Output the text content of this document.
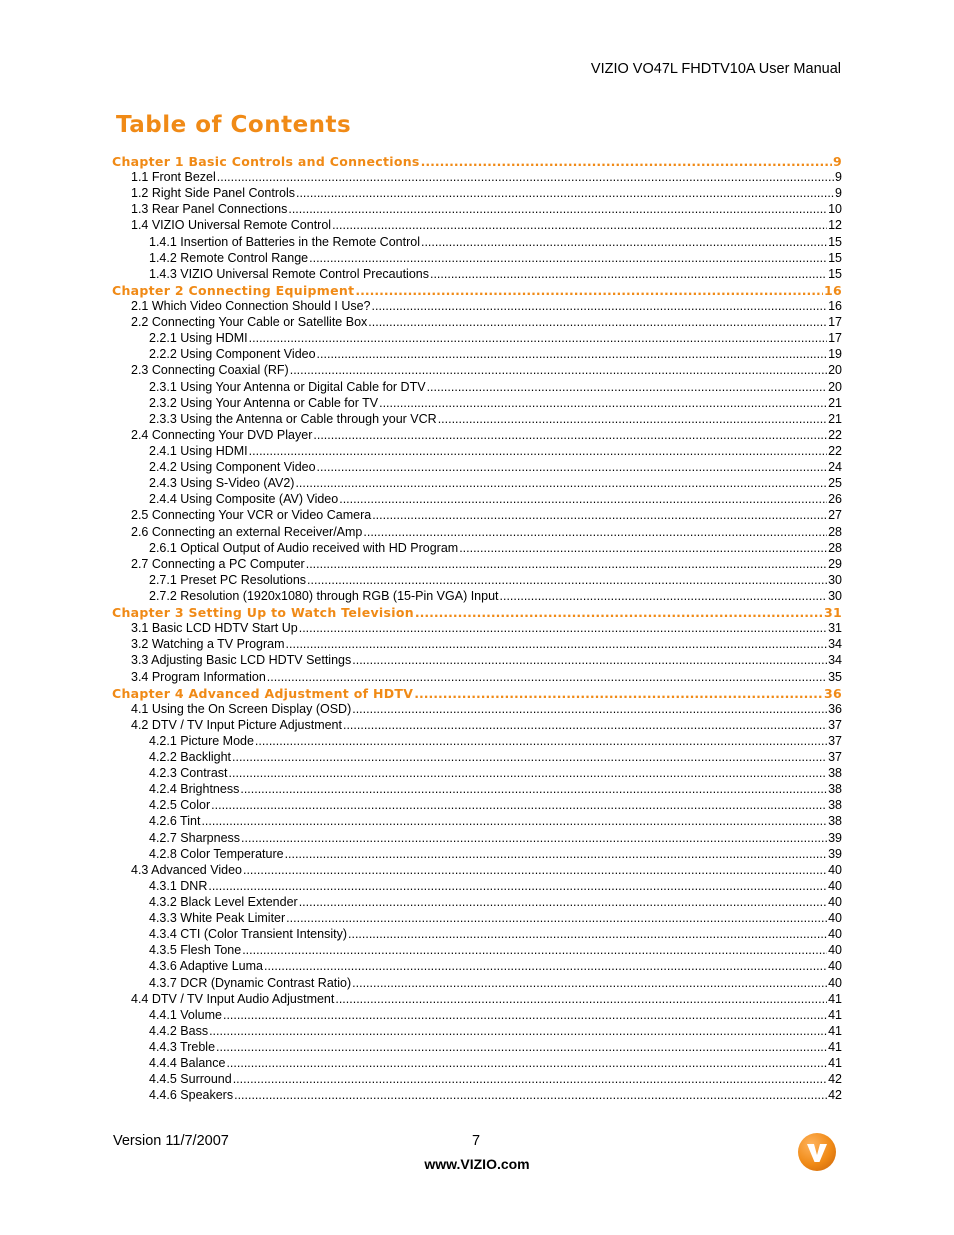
VIZIO VO47L FHDTV10A User Manual
Table of Contents
Chapter 1 Basic Controls and Connections .....	9
1.1 Front Bezel .....	9
1.2 Right Side Panel Controls .....	9
1.3 Rear Panel Connections .....	10
1.4 VIZIO Universal Remote Control .....	12
1.4.1 Insertion of Batteries in the Remote Control .....	15
1.4.2 Remote Control Range .....	15
1.4.3 VIZIO Universal Remote Control Precautions .....	15
Chapter 2 Connecting Equipment .....	16
2.1 Which Video Connection Should I Use? .....	16
2.2 Connecting Your Cable or Satellite Box .....	17
2.2.1 Using HDMI .....	17
2.2.2 Using Component Video .....	19
2.3 Connecting Coaxial (RF) .....	20
2.3.1 Using Your Antenna or Digital Cable for DTV .....	20
2.3.2 Using Your Antenna or Cable for TV .....	21
2.3.3 Using the Antenna or Cable through your VCR .....	21
2.4 Connecting Your DVD Player .....	22
2.4.1 Using HDMI .....	22
2.4.2 Using Component Video .....	24
2.4.3 Using S-Video (AV2) .....	25
2.4.4 Using Composite (AV) Video .....	26
2.5 Connecting Your VCR or Video Camera .....	27
2.6 Connecting an external Receiver/Amp .....	28
2.6.1 Optical Output of Audio received with HD Program .....	28
2.7 Connecting a PC Computer .....	29
2.7.1 Preset PC Resolutions .....	30
2.7.2 Resolution (1920x1080) through RGB (15-Pin VGA) Input .....	30
Chapter 3 Setting Up to Watch Television .....	31
3.1 Basic LCD HDTV Start Up .....	31
3.2 Watching a TV Program .....	34
3.3 Adjusting Basic LCD HDTV Settings .....	34
3.4 Program Information .....	35
Chapter 4 Advanced Adjustment of HDTV .....	36
4.1 Using the On Screen Display (OSD) .....	36
4.2 DTV / TV Input Picture Adjustment .....	37
4.2.1 Picture Mode .....	37
4.2.2 Backlight .....	37
4.2.3 Contrast .....	38
4.2.4 Brightness .....	38
4.2.5 Color .....	38
4.2.6 Tint .....	38
4.2.7 Sharpness .....	39
4.2.8 Color Temperature .....	39
4.3 Advanced Video .....	40
4.3.1 DNR .....	40
4.3.2 Black Level Extender .....	40
4.3.3 White Peak Limiter .....	40
4.3.4 CTI (Color Transient Intensity) .....	40
4.3.5 Flesh Tone .....	40
4.3.6 Adaptive Luma .....	40
4.3.7 DCR (Dynamic Contrast Ratio) .....	40
4.4 DTV / TV Input Audio Adjustment .....	41
4.4.1 Volume .....	41
4.4.2 Bass .....	41
4.4.3 Treble .....	41
4.4.4 Balance .....	41
4.4.5 Surround .....	42
4.4.6 Speakers .....	42
Version 11/7/2007	7
www.VIZIO.com
